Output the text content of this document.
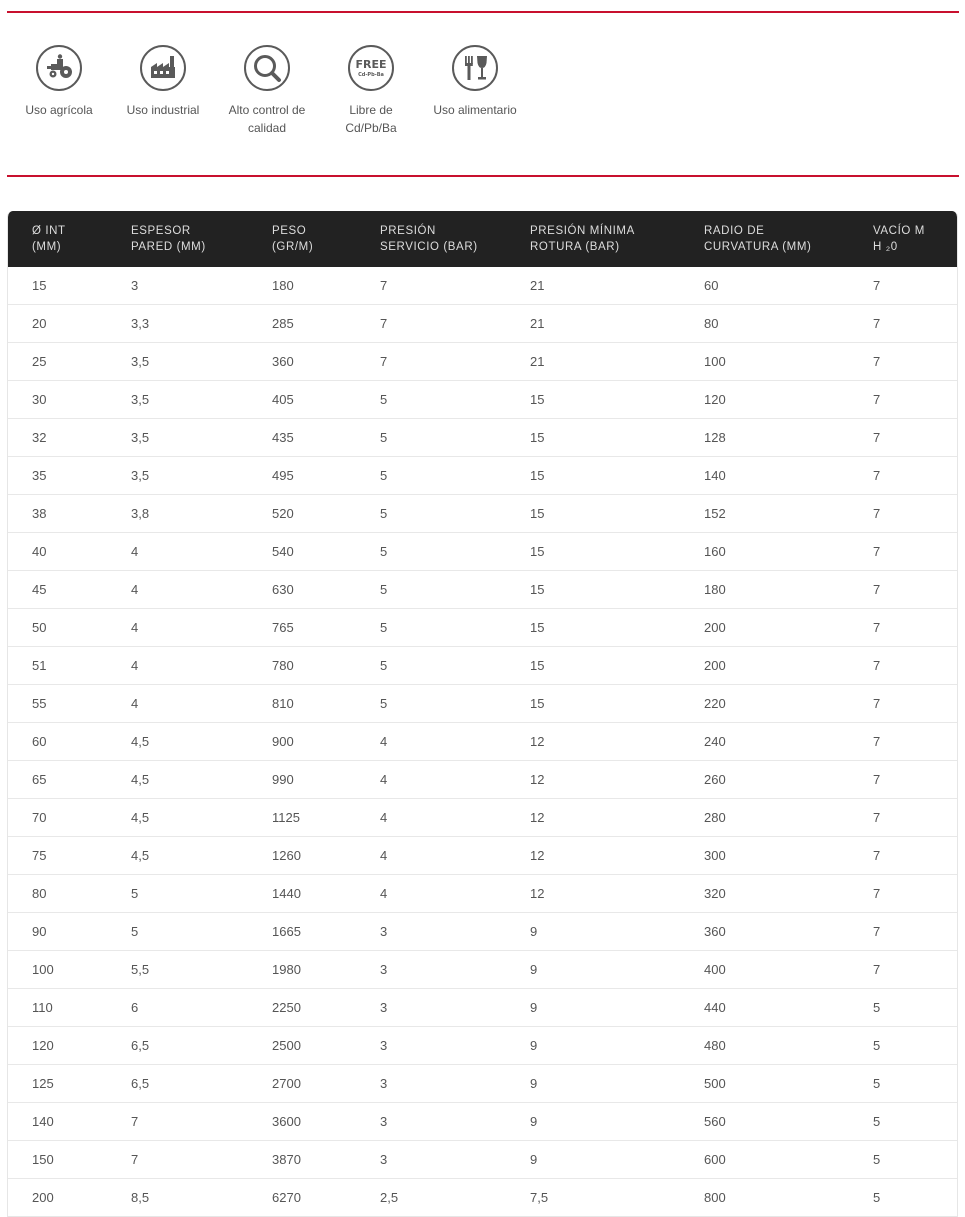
Uso agrícola	Uso industrial	Alto control de
calidad
FREE
Cd-Pb-Ba
Libre de
Cd/Pb/Ba
Uso alimentario
Ø INT
(MM)	ESPESOR
PARED (MM)	PESO
(GR/M)	PRESIÓN
SERVICIO (BAR)	PRESIÓN MÍNIMA
ROTURA (BAR)	RADIO DE
CURVATURA (MM)	VACÍO M
H ₂0
15	3	180	7	21	60	7
20	3,3	285	7	21	80	7
25	3,5	360	7	21	100	7
30	3,5	405	5	15	120	7
32	3,5	435	5	15	128	7
35	3,5	495	5	15	140	7
38	3,8	520	5	15	152	7
40	4	540	5	15	160	7
45	4	630	5	15	180	7
50	4	765	5	15	200	7
51	4	780	5	15	200	7
55	4	810	5	15	220	7
60	4,5	900	4	12	240	7
65	4,5	990	4	12	260	7
70	4,5	1125	4	12	280	7
75	4,5	1260	4	12	300	7
80	5	1440	4	12	320	7
90	5	1665	3	9	360	7
100	5,5	1980	3	9	400	7
110	6	2250	3	9	440	5
120	6,5	2500	3	9	480	5
125	6,5	2700	3	9	500	5
140	7	3600	3	9	560	5
150	7	3870	3	9	600	5
200	8,5	6270	2,5	7,5	800	5
